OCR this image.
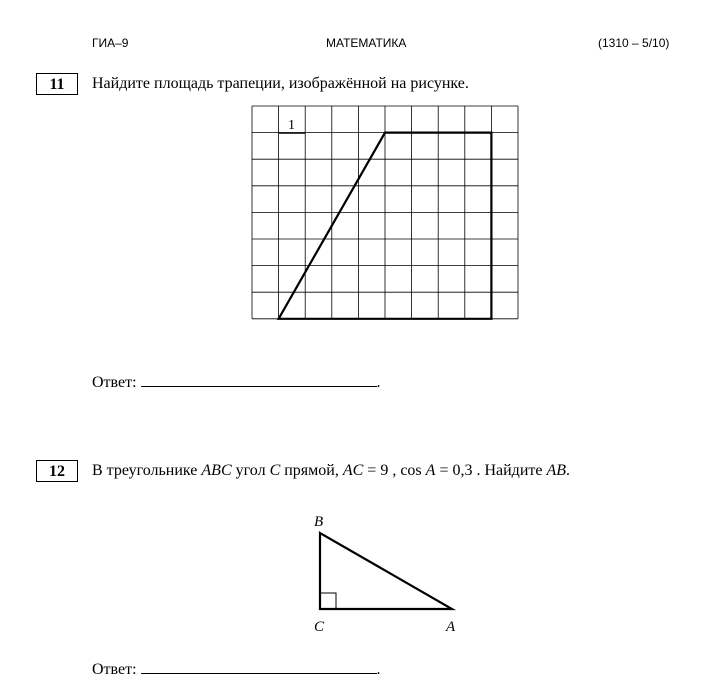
ГИА–9	МАТЕМАТИКА	(1310 – 5/10)
11	Найдите площадь трапеции, изображённой на рисунке.
1
Ответ:	.
12	В треугольнике ABC угол C прямой, AC = 9 , cos A = 0,3 . Найдите AB.
B
C	A
Ответ:	.
